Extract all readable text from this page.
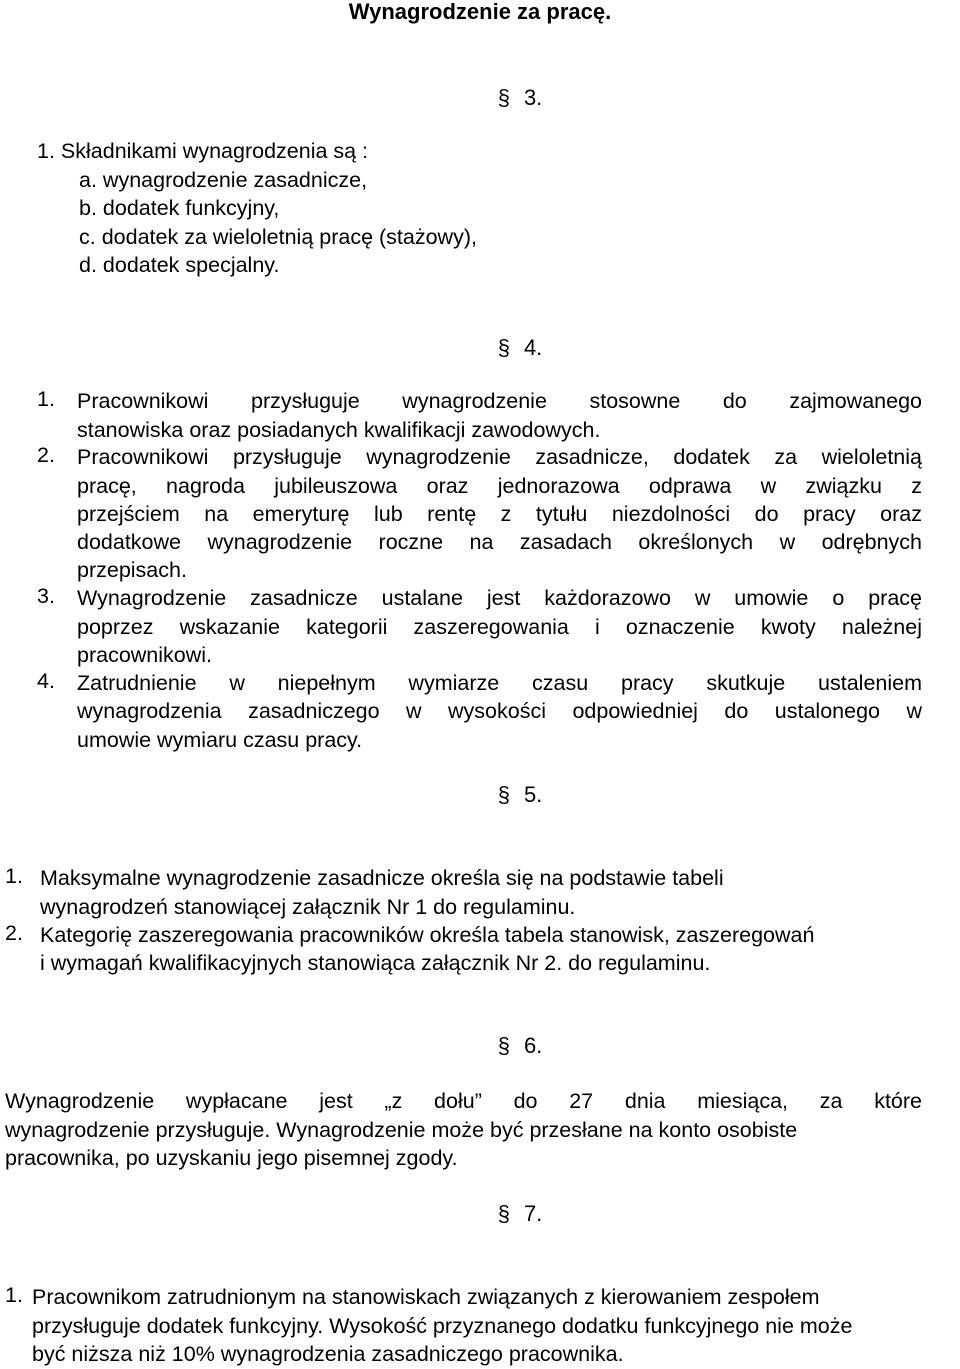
Wynagrodzenie za pracę.
§ 3.
1. Składnikami wynagrodzenia są :
a. wynagrodzenie zasadnicze,
b. dodatek funkcyjny,
c. dodatek za wieloletnią pracę (stażowy),
d. dodatek specjalny.
§ 4.
1. Pracownikowi przysługuje wynagrodzenie stosowne do zajmowanego
stanowiska oraz posiadanych kwalifikacji zawodowych.
2. Pracownikowi przysługuje wynagrodzenie zasadnicze, dodatek za wieloletnią
pracę, nagroda jubileuszowa oraz jednorazowa odprawa w związku z
przejściem na emeryturę lub rentę z tytułu niezdolności do pracy oraz
dodatkowe wynagrodzenie roczne na zasadach określonych w odrębnych
przepisach.
3. Wynagrodzenie zasadnicze ustalane jest każdorazowo w umowie o pracę
poprzez wskazanie kategorii zaszeregowania i oznaczenie kwoty należnej
pracownikowi.
4. Zatrudnienie w niepełnym wymiarze czasu pracy skutkuje ustaleniem
wynagrodzenia zasadniczego w wysokości odpowiedniej do ustalonego w
umowie wymiaru czasu pracy.
§ 5.
1. Maksymalne wynagrodzenie zasadnicze określa się na podstawie tabeli
wynagrodzeń stanowiącej załącznik Nr 1 do regulaminu.
2. Kategorię zaszeregowania pracowników określa tabela stanowisk, zaszeregowań
i wymagań kwalifikacyjnych stanowiąca załącznik Nr 2. do regulaminu.
§ 6.
Wynagrodzenie wypłacane jest „z dołu” do 27 dnia miesiąca, za które
wynagrodzenie przysługuje. Wynagrodzenie może być przesłane na konto osobiste
pracownika, po uzyskaniu jego pisemnej zgody.
§ 7.
1. Pracownikom zatrudnionym na stanowiskach związanych z kierowaniem zespołem
przysługuje dodatek funkcyjny. Wysokość przyznanego dodatku funkcyjnego nie może
być niższa niż 10% wynagrodzenia zasadniczego pracownika.
